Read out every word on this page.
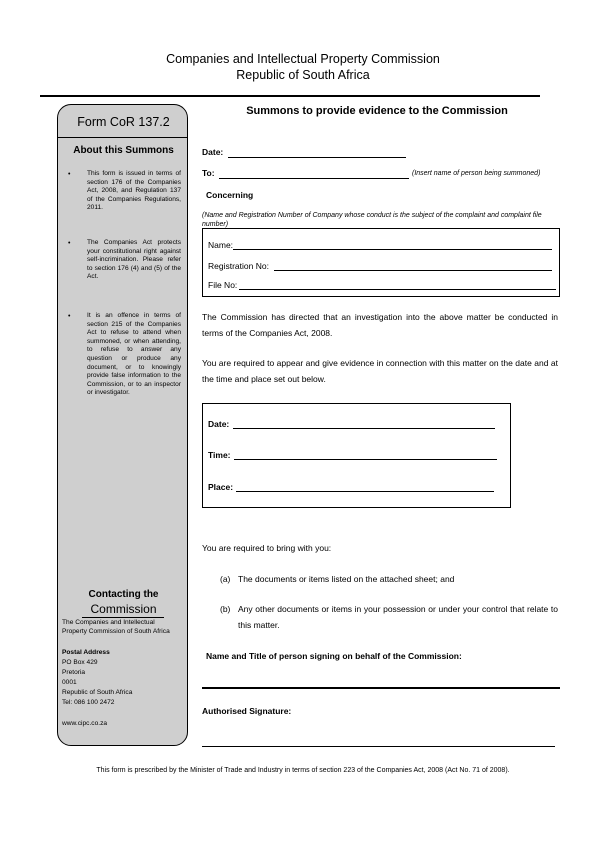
Companies and Intellectual Property Commission
Republic of South Africa
Form CoR 137.2
About this Summons
•	This form is issued in terms of section 176 of the Companies Act, 2008, and Regulation 137 of the Companies Regulations, 2011.
•	The Companies Act protects your constitutional right against self-incrimination. Please refer to section 176 (4) and (5) of the Act.
•	It is an offence in terms of section 215 of the Companies Act to refuse to attend when summoned, or when attending, to refuse to answer any question or produce any document, or to knowingly provide false information to the Commission, or to an inspector or investigator.
Contacting the
Commission
The Companies and Intellectual
Property Commission of South Africa
Postal Address
PO Box 429
Pretoria
0001
Republic of South Africa
Tel: 086 100 2472
www.cipc.co.za
Summons to provide evidence to the Commission
Date:
To:	(Insert name of person being summoned)
Concerning
(Name and Registration Number of Company whose conduct is the subject of the complaint and complaint file number)
Name:
Registration No:
File No:
The Commission has directed that an investigation into the above matter be conducted in terms of the Companies Act, 2008.
You are required to appear and give evidence in connection with this matter on the date and at the time and place set out below.
Date:
Time:
Place:
You are required to bring with you:
(a) The documents or items listed on the attached sheet; and
(b) Any other documents or items in your possession or under your control that relate to this matter.
Name and Title of person signing on behalf of the Commission:
Authorised Signature:
This form is prescribed by the Minister of Trade and Industry in terms of section 223 of the Companies Act, 2008 (Act No. 71 of 2008).
